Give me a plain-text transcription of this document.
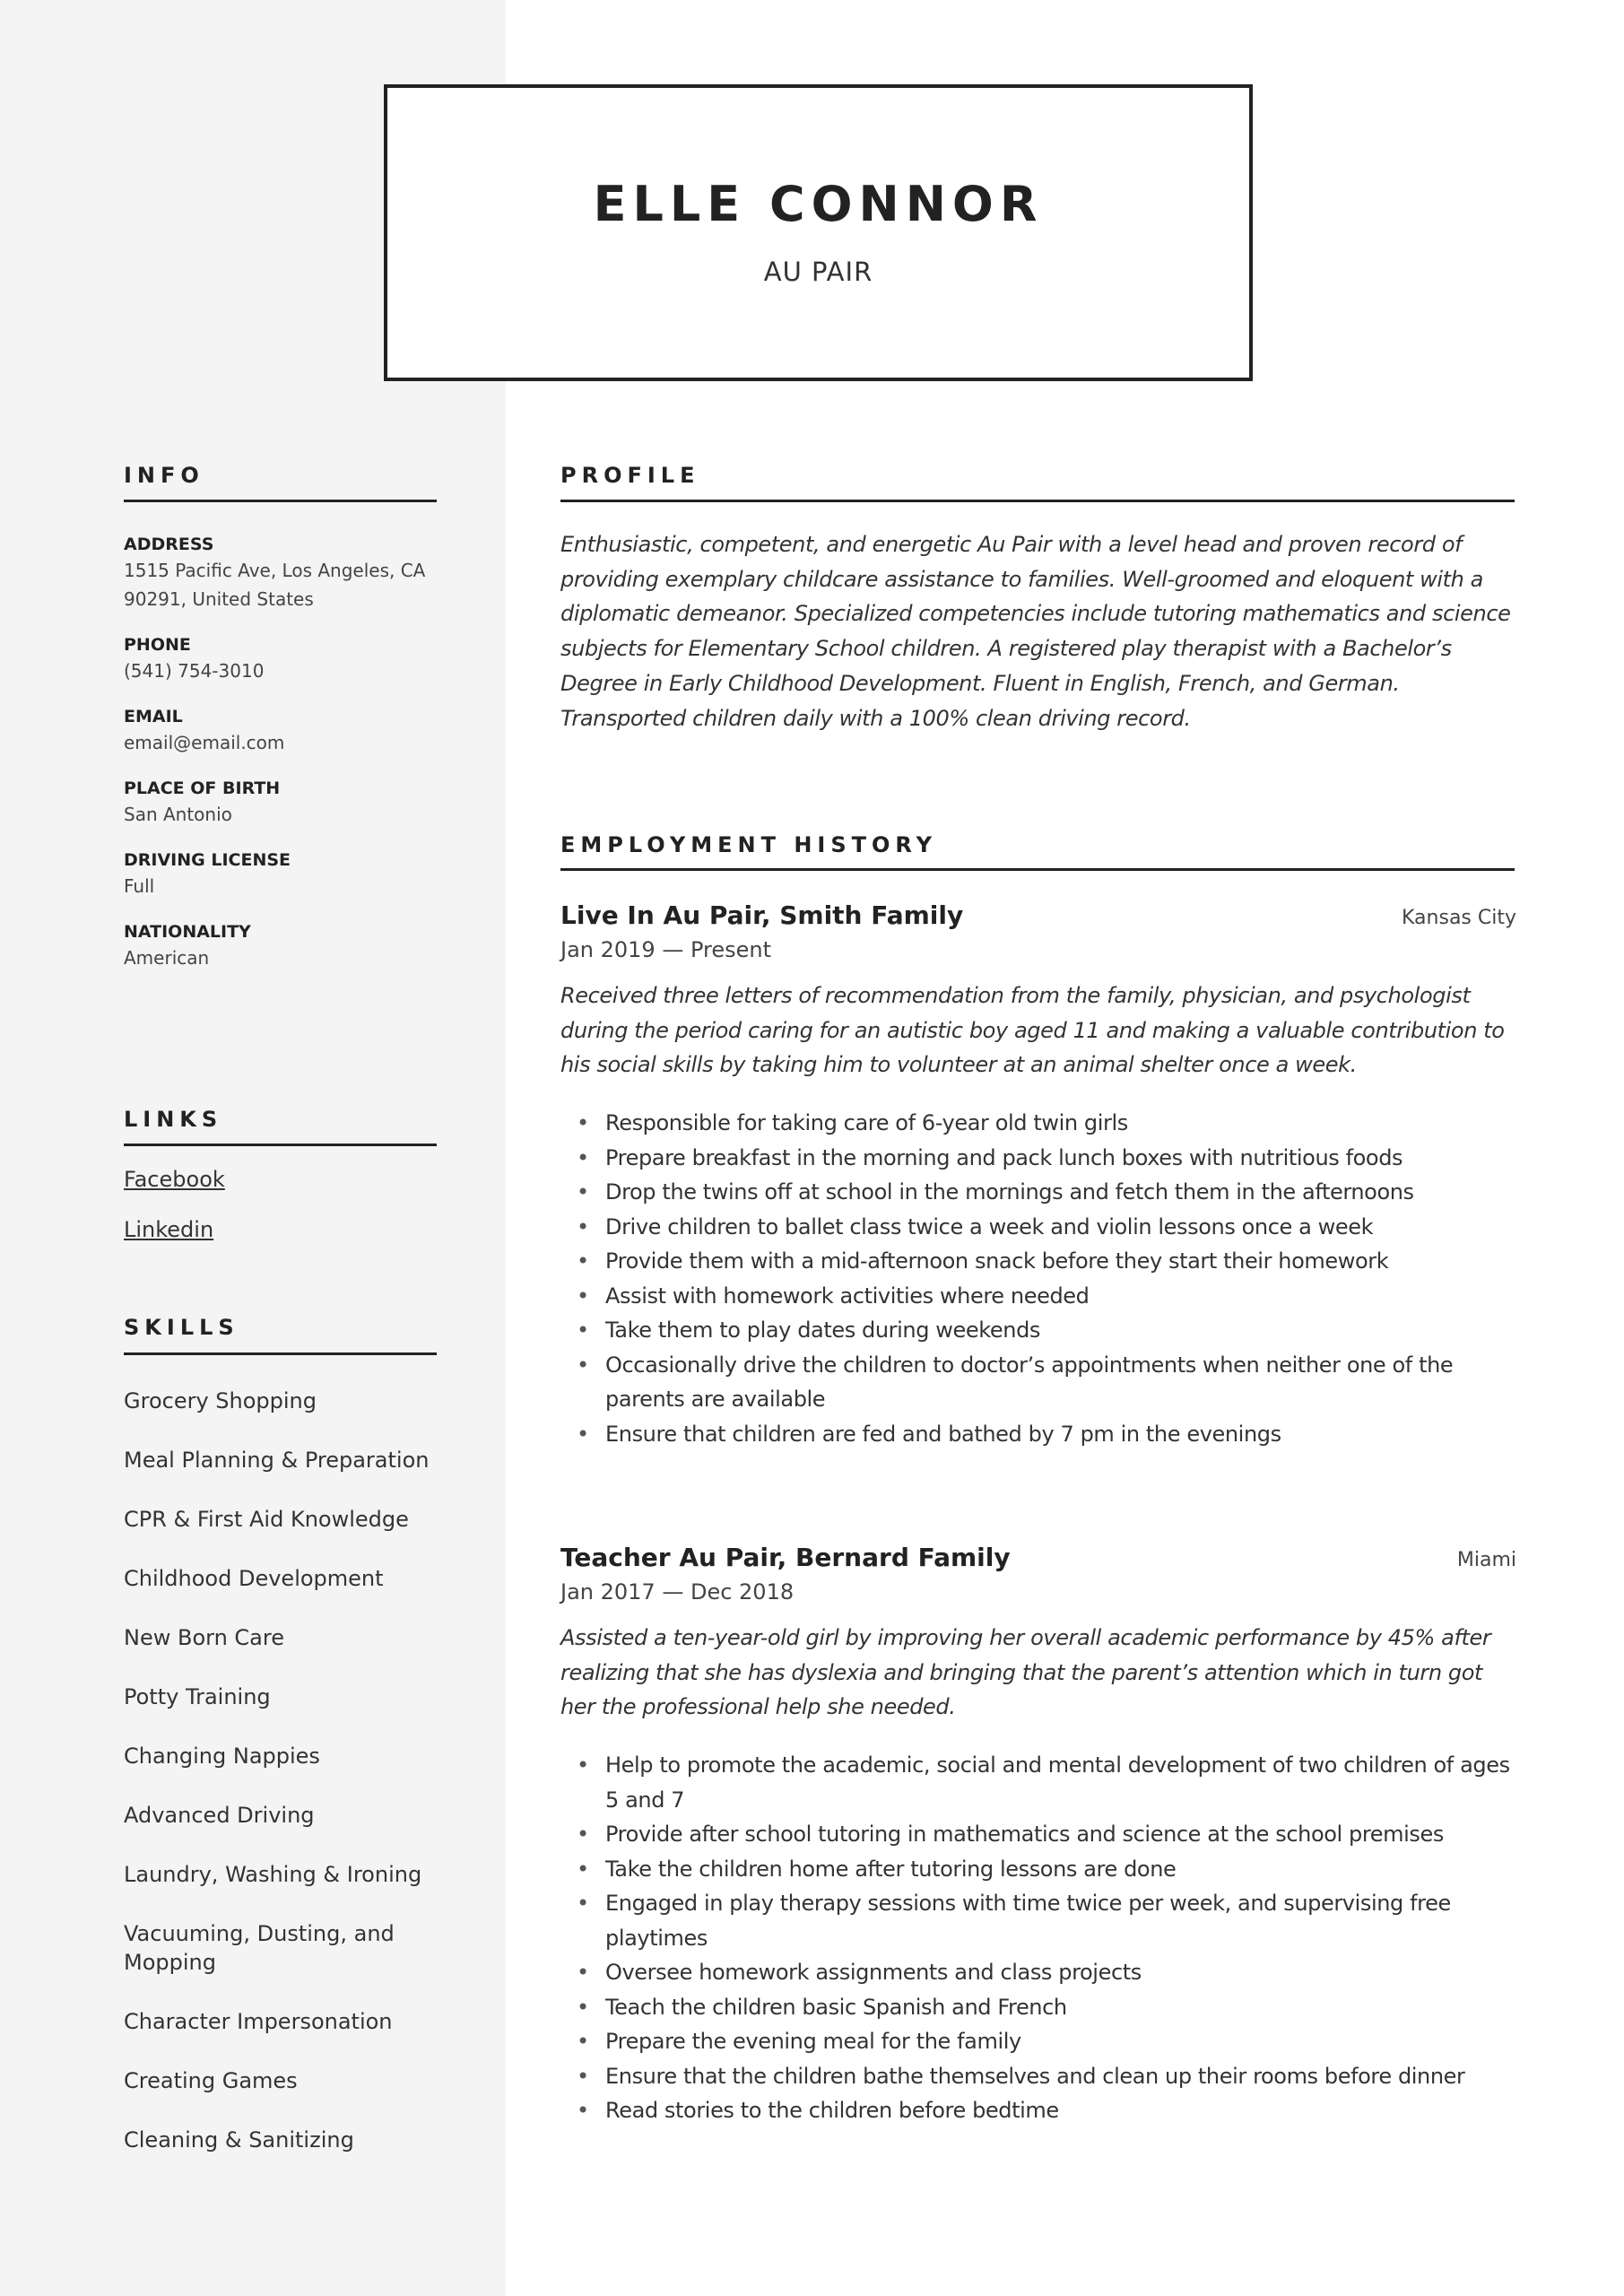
ELLE CONNOR
AU PAIR
INFO
ADDRESS
1515 Pacific Ave, Los Angeles, CA 90291, United States
PHONE
(541) 754-3010
EMAIL
email@email.com
PLACE OF BIRTH
San Antonio
DRIVING LICENSE
Full
NATIONALITY
American
LINKS
Facebook
Linkedin
SKILLS
Grocery Shopping
Meal Planning & Preparation
CPR & First Aid Knowledge
Childhood Development
New Born Care
Potty Training
Changing Nappies
Advanced Driving
Laundry, Washing & Ironing
Vacuuming, Dusting, and Mopping
Character Impersonation
Creating Games
Cleaning & Sanitizing
PROFILE
Enthusiastic, competent, and energetic Au Pair with a level head and proven record of providing exemplary childcare assistance to families. Well-groomed and eloquent with a diplomatic demeanor. Specialized competencies include tutoring mathematics and science subjects for Elementary School children. A registered play therapist with a Bachelor’s Degree in Early Childhood Development. Fluent in English, French, and German. Transported children daily with a 100% clean driving record.
EMPLOYMENT HISTORY
Live In Au Pair, Smith Family	Kansas City
Jan 2019 — Present
Received three letters of recommendation from the family, physician, and psychologist during the period caring for an autistic boy aged 11 and making a valuable contribution to his social skills by taking him to volunteer at an animal shelter once a week.
• Responsible for taking care of 6-year old twin girls
• Prepare breakfast in the morning and pack lunch boxes with nutritious foods
• Drop the twins off at school in the mornings and fetch them in the afternoons
• Drive children to ballet class twice a week and violin lessons once a week
• Provide them with a mid-afternoon snack before they start their homework
• Assist with homework activities where needed
• Take them to play dates during weekends
• Occasionally drive the children to doctor’s appointments when neither one of the parents are available
• Ensure that children are fed and bathed by 7 pm in the evenings
Teacher Au Pair, Bernard Family	Miami
Jan 2017 — Dec 2018
Assisted a ten-year-old girl by improving her overall academic performance by 45% after realizing that she has dyslexia and bringing that the parent’s attention which in turn got her the professional help she needed.
• Help to promote the academic, social and mental development of two children of ages 5 and 7
• Provide after school tutoring in mathematics and science at the school premises
• Take the children home after tutoring lessons are done
• Engaged in play therapy sessions with time twice per week, and supervising free playtimes
• Oversee homework assignments and class projects
• Teach the children basic Spanish and French
• Prepare the evening meal for the family
• Ensure that the children bathe themselves and clean up their rooms before dinner
• Read stories to the children before bedtime
